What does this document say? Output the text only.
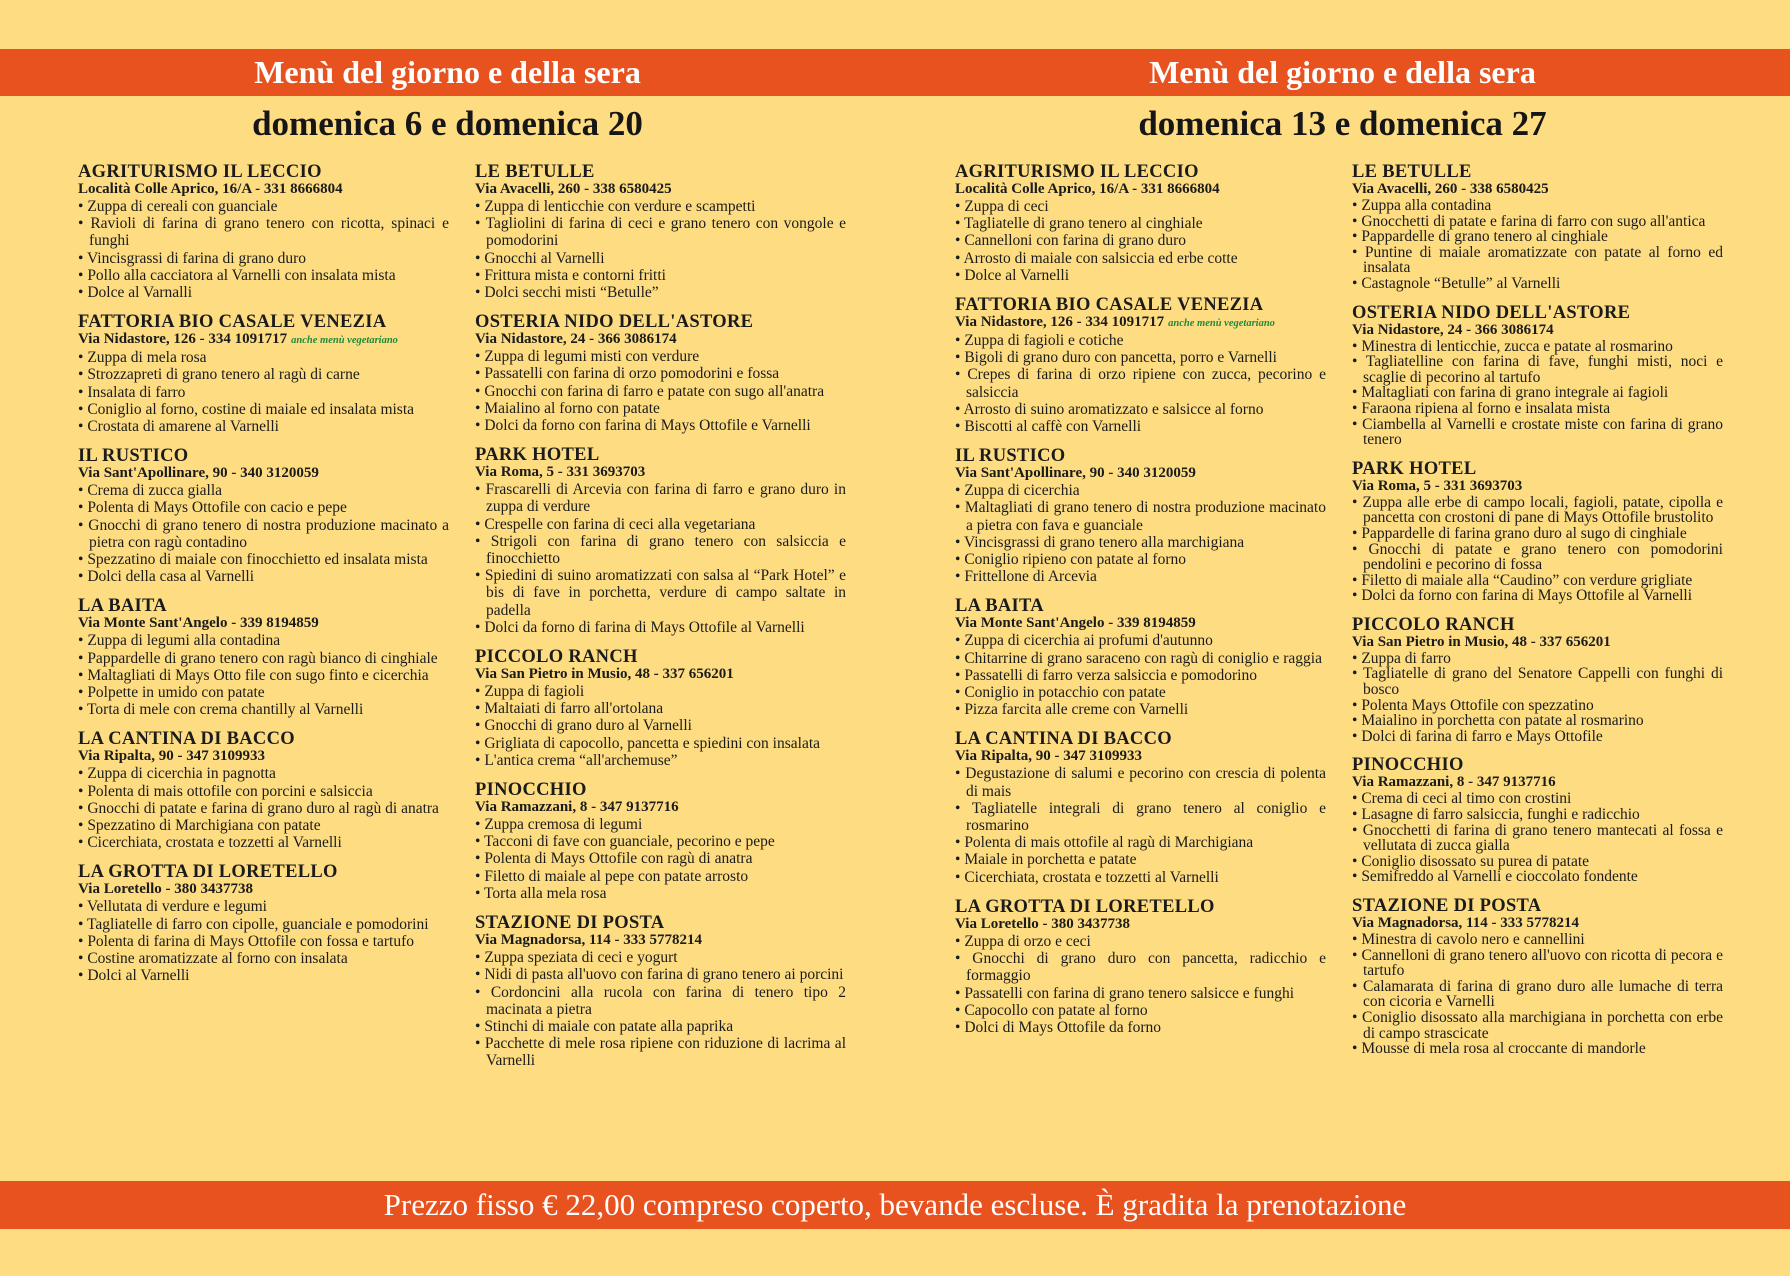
Menù del giorno e della sera	Menù del giorno e della sera
domenica 6 e domenica 20	domenica 13 e domenica 27
AGRITURISMO IL LECCIO
Località Colle Aprico, 16/A - 331 8666804
• Zuppa di cereali con guanciale
• Ravioli di farina di grano tenero con ricotta, spinaci e funghi
• Vincisgrassi di farina di grano duro
• Pollo alla cacciatora al Varnelli con insalata mista
• Dolce al Varnalli
FATTORIA BIO CASALE VENEZIA
Via Nidastore, 126 - 334 1091717 anche menù vegetariano
• Zuppa di mela rosa
• Strozzapreti di grano tenero al ragù di carne
• Insalata di farro
• Coniglio al forno, costine di maiale ed insalata mista
• Crostata di amarene al Varnelli
IL RUSTICO
Via Sant'Apollinare, 90 - 340 3120059
• Crema di zucca gialla
• Polenta di Mays Ottofile con cacio e pepe
• Gnocchi di grano tenero di nostra produzione macinato a pietra con ragù contadino
• Spezzatino di maiale con finocchietto ed insalata mista
• Dolci della casa al Varnelli
LA BAITA
Via Monte Sant'Angelo - 339 8194859
• Zuppa di legumi alla contadina
• Pappardelle di grano tenero con ragù bianco di cinghiale
• Maltagliati di Mays Otto file con sugo finto e cicerchia
• Polpette in umido con patate
• Torta di mele con crema chantilly al Varnelli
LA CANTINA DI BACCO
Via Ripalta, 90 - 347 3109933
• Zuppa di cicerchia in pagnotta
• Polenta di mais ottofile con porcini e salsiccia
• Gnocchi di patate e farina di grano duro al ragù di anatra
• Spezzatino di Marchigiana con patate
• Cicerchiata, crostata e tozzetti al Varnelli
LA GROTTA DI LORETELLO
Via Loretello - 380 3437738
• Vellutata di verdure e legumi
• Tagliatelle di farro con cipolle, guanciale e pomodorini
• Polenta di farina di Mays Ottofile con fossa e tartufo
• Costine aromatizzate al forno con insalata
• Dolci al Varnelli
LE BETULLE
Via Avacelli, 260 - 338 6580425
• Zuppa di lenticchie con verdure e scampetti
• Tagliolini di farina di ceci e grano tenero con vongole e pomodorini
• Gnocchi al Varnelli
• Frittura mista e contorni fritti
• Dolci secchi misti “Betulle”
OSTERIA NIDO DELL'ASTORE
Via Nidastore, 24 - 366 3086174
• Zuppa di legumi misti con verdure
• Passatelli con farina di orzo pomodorini e fossa
• Gnocchi con farina di farro e patate con sugo all'anatra
• Maialino al forno con patate
• Dolci da forno con farina di Mays Ottofile e Varnelli
PARK HOTEL
Via Roma, 5 - 331 3693703
• Frascarelli di Arcevia con farina di farro e grano duro in zuppa di verdure
• Crespelle con farina di ceci alla vegetariana
• Strigoli con farina di grano tenero con salsiccia e finocchietto
• Spiedini di suino aromatizzati con salsa al “Park Hotel” e bis di fave in porchetta, verdure di campo saltate in padella
• Dolci da forno di farina di Mays Ottofile al Varnelli
PICCOLO RANCH
Via San Pietro in Musio, 48 - 337 656201
• Zuppa di fagioli
• Maltaiati di farro all'ortolana
• Gnocchi di grano duro al Varnelli
• Grigliata di capocollo, pancetta e spiedini con insalata
• L'antica crema “all'archemuse”
PINOCCHIO
Via Ramazzani, 8 - 347 9137716
• Zuppa cremosa di legumi
• Tacconi di fave con guanciale, pecorino e pepe
• Polenta di Mays Ottofile con ragù di anatra
• Filetto di maiale al pepe con patate arrosto
• Torta alla mela rosa
STAZIONE DI POSTA
Via Magnadorsa, 114 - 333 5778214
• Zuppa speziata di ceci e yogurt
• Nidi di pasta all'uovo con farina di grano tenero ai porcini
• Cordoncini alla rucola con farina di tenero tipo 2 macinata a pietra
• Stinchi di maiale con patate alla paprika
• Pacchette di mele rosa ripiene con riduzione di lacrima al Varnelli
AGRITURISMO IL LECCIO
Località Colle Aprico, 16/A - 331 8666804
• Zuppa di ceci
• Tagliatelle di grano tenero al cinghiale
• Cannelloni con farina di grano duro
• Arrosto di maiale con salsiccia ed erbe cotte
• Dolce al Varnelli
FATTORIA BIO CASALE VENEZIA
Via Nidastore, 126 - 334 1091717 anche menù vegetariano
• Zuppa di fagioli e cotiche
• Bigoli di grano duro con pancetta, porro e Varnelli
• Crepes di farina di orzo ripiene con zucca, pecorino e salsiccia
• Arrosto di suino aromatizzato e salsicce al forno
• Biscotti al caffè con Varnelli
IL RUSTICO
Via Sant'Apollinare, 90 - 340 3120059
• Zuppa di cicerchia
• Maltagliati di grano tenero di nostra produzione macinato a pietra con fava e guanciale
• Vincisgrassi di grano tenero alla marchigiana
• Coniglio ripieno con patate al forno
• Frittellone di Arcevia
LA BAITA
Via Monte Sant'Angelo - 339 8194859
• Zuppa di cicerchia ai profumi d'autunno
• Chitarrine di grano saraceno con ragù di coniglio e raggia
• Passatelli di farro verza salsiccia e pomodorino
• Coniglio in potacchio con patate
• Pizza farcita alle creme con Varnelli
LA CANTINA DI BACCO
Via Ripalta, 90 - 347 3109933
• Degustazione di salumi e pecorino con crescia di polenta di mais
• Tagliatelle integrali di grano tenero al coniglio e rosmarino
• Polenta di mais ottofile al ragù di Marchigiana
• Maiale in porchetta e patate
• Cicerchiata, crostata e tozzetti al Varnelli
LA GROTTA DI LORETELLO
Via Loretello - 380 3437738
• Zuppa di orzo e ceci
• Gnocchi di grano duro con pancetta, radicchio e formaggio
• Passatelli con farina di grano tenero salsicce e funghi
• Capocollo con patate al forno
• Dolci di Mays Ottofile da forno
LE BETULLE
Via Avacelli, 260 - 338 6580425
• Zuppa alla contadina
• Gnocchetti di patate e farina di farro con sugo all'antica
• Pappardelle di grano tenero al cinghiale
• Puntine di maiale aromatizzate con patate al forno ed insalata
• Castagnole “Betulle” al Varnelli
OSTERIA NIDO DELL'ASTORE
Via Nidastore, 24 - 366 3086174
• Minestra di lenticchie, zucca e patate al rosmarino
• Tagliatelline con farina di fave, funghi misti, noci e scaglie di pecorino al tartufo
• Maltagliati con farina di grano integrale ai fagioli
• Faraona ripiena al forno e insalata mista
• Ciambella al Varnelli e crostate miste con farina di grano tenero
PARK HOTEL
Via Roma, 5 - 331 3693703
• Zuppa alle erbe di campo locali, fagioli, patate, cipolla e pancetta con crostoni di pane di Mays Ottofile brustolito
• Pappardelle di farina grano duro al sugo di cinghiale
• Gnocchi di patate e grano tenero con pomodorini pendolini e pecorino di fossa
• Filetto di maiale alla “Caudino” con verdure grigliate
• Dolci da forno con farina di Mays Ottofile al Varnelli
PICCOLO RANCH
Via San Pietro in Musio, 48 - 337 656201
• Zuppa di farro
• Tagliatelle di grano del Senatore Cappelli con funghi di bosco
• Polenta Mays Ottofile con spezzatino
• Maialino in porchetta con patate al rosmarino
• Dolci di farina di farro e Mays Ottofile
PINOCCHIO
Via Ramazzani, 8 - 347 9137716
• Crema di ceci al timo con crostini
• Lasagne di farro salsiccia, funghi e radicchio
• Gnocchetti di farina di grano tenero mantecati al fossa e vellutata di zucca gialla
• Coniglio disossato su purea di patate
• Semifreddo al Varnelli e cioccolato fondente
STAZIONE DI POSTA
Via Magnadorsa, 114 - 333 5778214
• Minestra di cavolo nero e cannellini
• Cannelloni di grano tenero all'uovo con ricotta di pecora e tartufo
• Calamarata di farina di grano duro alle lumache di terra con cicoria e Varnelli
• Coniglio disossato alla marchigiana in porchetta con erbe di campo strascicate
• Mousse di mela rosa al croccante di mandorle
Prezzo fisso € 22,00 compreso coperto, bevande escluse. È gradita la prenotazione
